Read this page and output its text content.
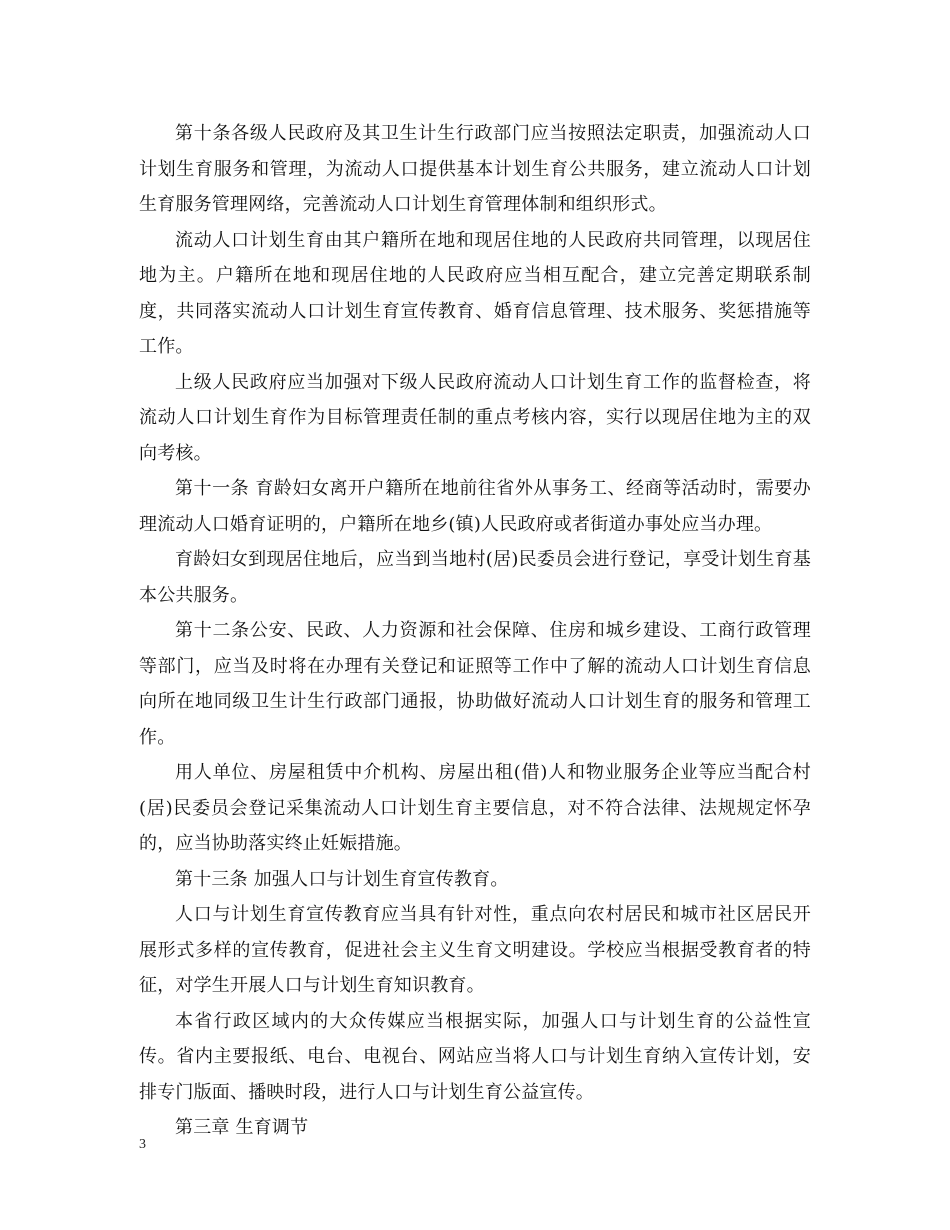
第十条各级人民政府及其卫生计生行政部门应当按照法定职责，加强流动人口计划生育服务和管理，为流动人口提供基本计划生育公共服务，建立流动人口计划生育服务管理网络，完善流动人口计划生育管理体制和组织形式。

流动人口计划生育由其户籍所在地和现居住地的人民政府共同管理，以现居住地为主。户籍所在地和现居住地的人民政府应当相互配合，建立完善定期联系制度，共同落实流动人口计划生育宣传教育、婚育信息管理、技术服务、奖惩措施等工作。

上级人民政府应当加强对下级人民政府流动人口计划生育工作的监督检查，将流动人口计划生育作为目标管理责任制的重点考核内容，实行以现居住地为主的双向考核。

第十一条 育龄妇女离开户籍所在地前往省外从事务工、经商等活动时，需要办理流动人口婚育证明的，户籍所在地乡(镇)人民政府或者街道办事处应当办理。

育龄妇女到现居住地后，应当到当地村(居)民委员会进行登记，享受计划生育基本公共服务。

第十二条公安、民政、人力资源和社会保障、住房和城乡建设、工商行政管理等部门，应当及时将在办理有关登记和证照等工作中了解的流动人口计划生育信息向所在地同级卫生计生行政部门通报，协助做好流动人口计划生育的服务和管理工作。

用人单位、房屋租赁中介机构、房屋出租(借)人和物业服务企业等应当配合村(居)民委员会登记采集流动人口计划生育主要信息，对不符合法律、法规规定怀孕的，应当协助落实终止妊娠措施。

第十三条 加强人口与计划生育宣传教育。

人口与计划生育宣传教育应当具有针对性，重点向农村居民和城市社区居民开展形式多样的宣传教育，促进社会主义生育文明建设。学校应当根据受教育者的特征，对学生开展人口与计划生育知识教育。

本省行政区域内的大众传媒应当根据实际，加强人口与计划生育的公益性宣传。省内主要报纸、电台、电视台、网站应当将人口与计划生育纳入宣传计划，安排专门版面、播映时段，进行人口与计划生育公益宣传。

第三章 生育调节

3
